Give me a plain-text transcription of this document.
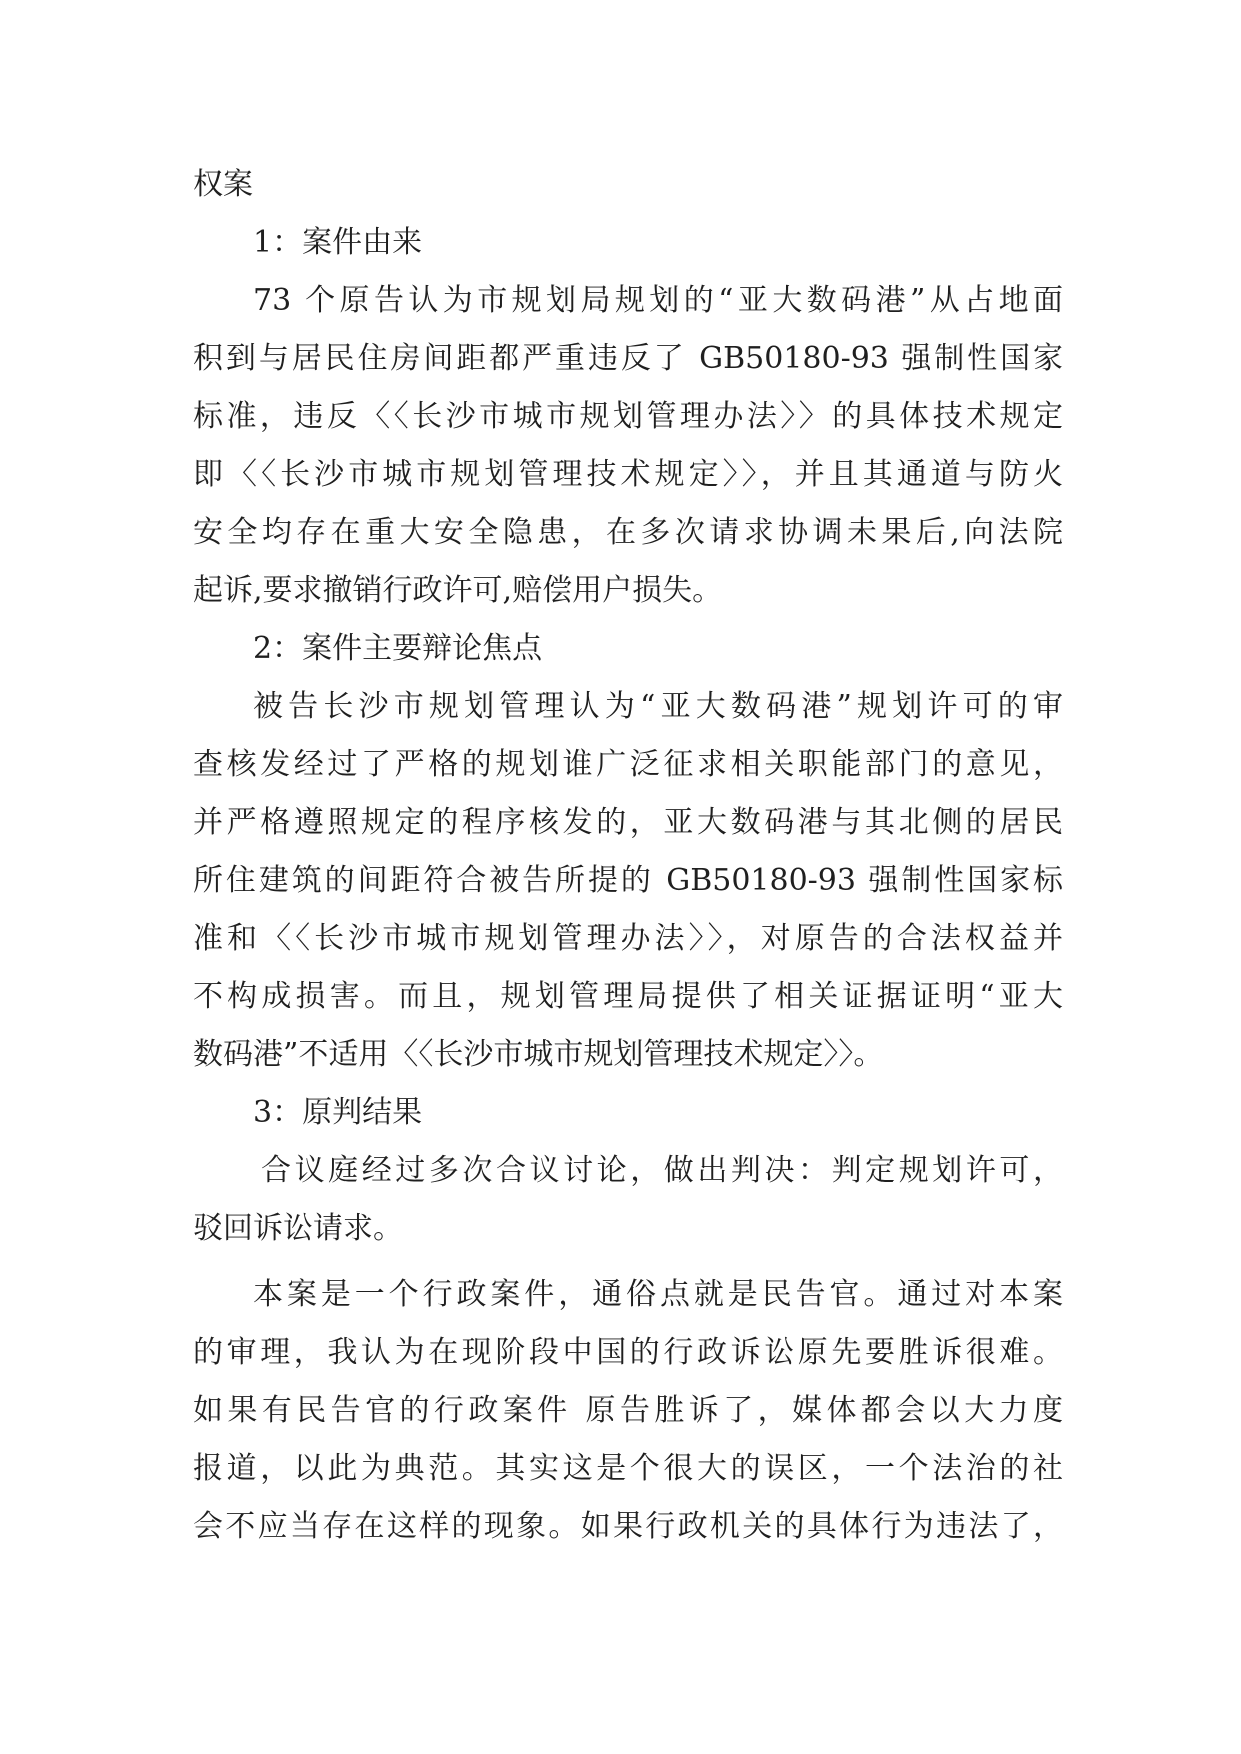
权案
1：案件由来
73 个原告认为市规划局规划的“亚大数码港”从占地面
积到与居民住房间距都严重违反了 GB50180-93 强制性国家
标准，违反〈〈长沙市城市规划管理办法〉〉的具体技术规定
即〈〈长沙市城市规划管理技术规定〉〉，并且其通道与防火
安全均存在重大安全隐患，在多次请求协调未果后,向法院
起诉,要求撤销行政许可,赔偿用户损失。
2：案件主要辩论焦点
被告长沙市规划管理认为“亚大数码港”规划许可的审
查核发经过了严格的规划谁广泛征求相关职能部门的意见，
并严格遵照规定的程序核发的，亚大数码港与其北侧的居民
所住建筑的间距符合被告所提的 GB50180-93 强制性国家标
准和〈〈长沙市城市规划管理办法〉〉，对原告的合法权益并
不构成损害。而且，规划管理局提供了相关证据证明“亚大
数码港”不适用〈〈长沙市城市规划管理技术规定〉〉。
3：原判结果
合议庭经过多次合议讨论，做出判决：判定规划许可，
驳回诉讼请求。
本案是一个行政案件，通俗点就是民告官。通过对本案
的审理，我认为在现阶段中国的行政诉讼原先要胜诉很难。
如果有民告官的行政案件 原告胜诉了，媒体都会以大力度
报道，以此为典范。其实这是个很大的误区，一个法治的社
会不应当存在这样的现象。如果行政机关的具体行为违法了，
